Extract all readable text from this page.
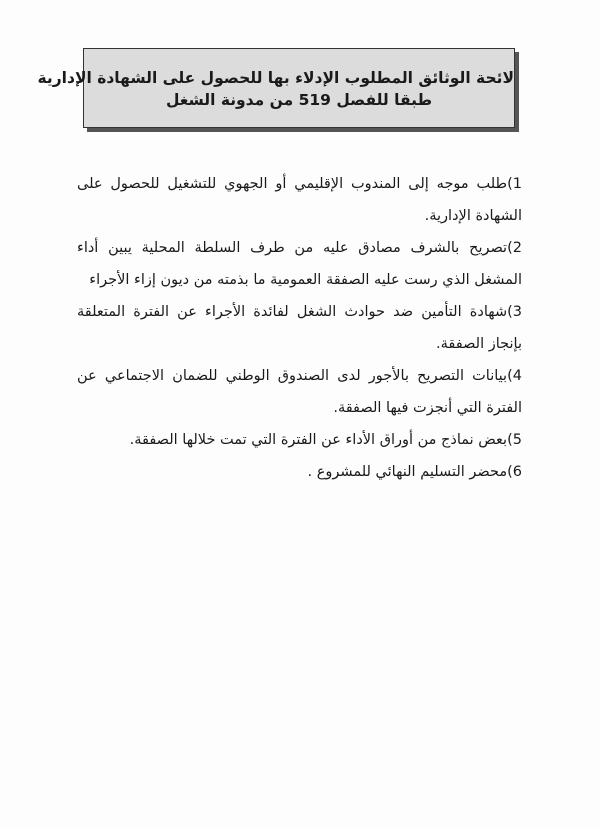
لائحة الوثائق المطلوب الإدلاء بها للحصول على الشهادة الإدارية
طبقا للفصل 519 من مدونة الشغل
1)طلب موجه إلى المندوب الإقليمي أو الجهوي للتشغيل للحصول على الشهادة الإدارية.
2)تصريح بالشرف مصادق عليه من طرف السلطة المحلية يبين أداء المشغل الذي رست عليه الصفقة العمومية ما بذمته من ديون إزاء الأجراء
3)شهادة التأمين ضد حوادث الشغل لفائدة الأجراء عن الفترة المتعلقة بإنجاز الصفقة.
4)بيانات التصريح بالأجور لدى الصندوق الوطني للضمان الاجتماعي عن الفترة التي أنجزت فيها الصفقة.
5)بعض نماذج من أوراق الأداء عن الفترة التي تمت خلالها الصفقة.
6)محضر التسليم النهائي للمشروع .
